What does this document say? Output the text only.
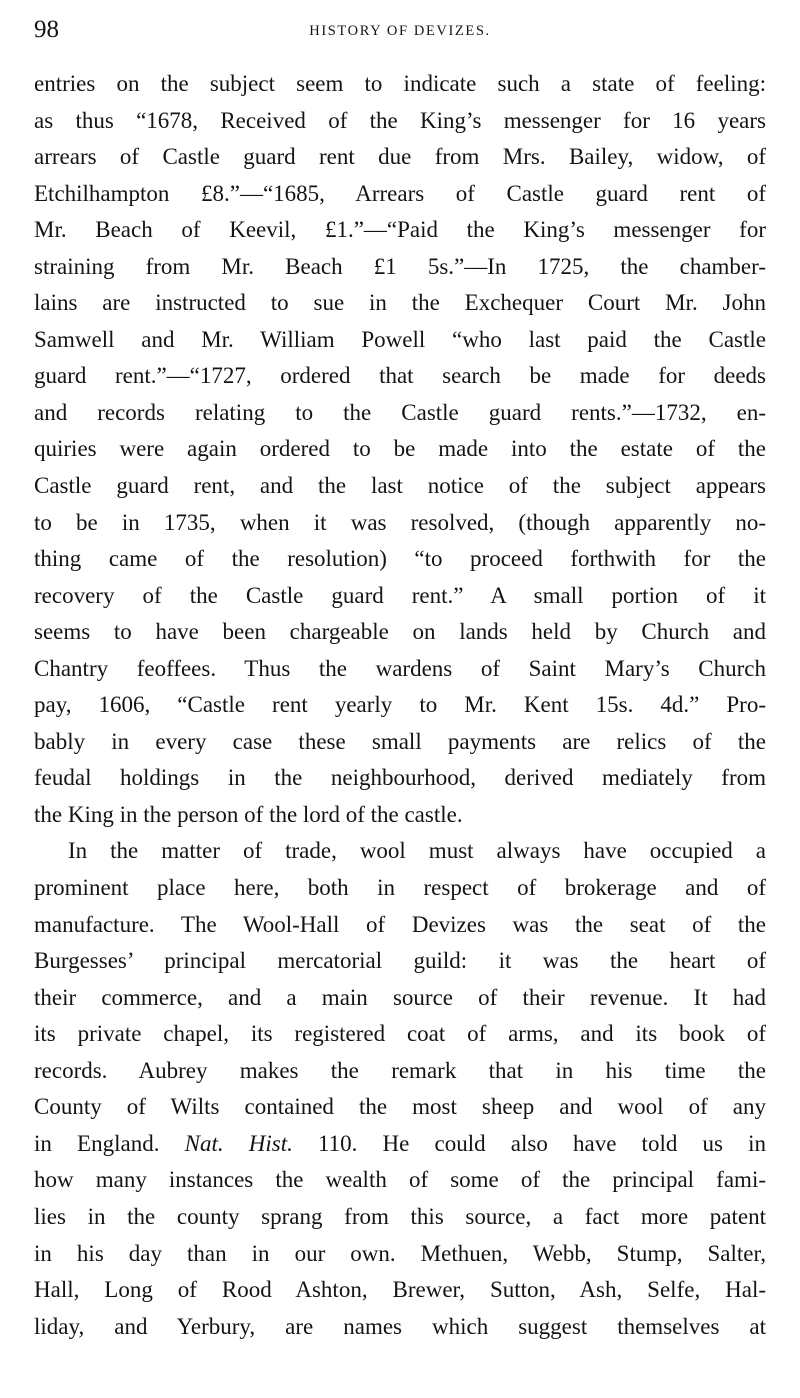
98	HISTORY OF DEVIZES.
entries on the subject seem to indicate such a state of feeling:
as thus “1678, Received of the King’s messenger for 16 years
arrears of Castle guard rent due from Mrs. Bailey, widow, of
Etchilhampton £8.”—“1685, Arrears of Castle guard rent of
Mr. Beach of Keevil, £1.”—“Paid the King’s messenger for
straining from Mr. Beach £1 5s.”—In 1725, the chamber-
lains are instructed to sue in the Exchequer Court Mr. John
Samwell and Mr. William Powell “who last paid the Castle
guard rent.”—“1727, ordered that search be made for deeds
and records relating to the Castle guard rents.”—1732, en-
quiries were again ordered to be made into the estate of the
Castle guard rent, and the last notice of the subject appears
to be in 1735, when it was resolved, (though apparently no-
thing came of the resolution) “to proceed forthwith for the
recovery of the Castle guard rent.” A small portion of it
seems to have been chargeable on lands held by Church and
Chantry feoffees. Thus the wardens of Saint Mary’s Church
pay, 1606, “Castle rent yearly to Mr. Kent 15s. 4d.” Pro-
bably in every case these small payments are relics of the
feudal holdings in the neighbourhood, derived mediately from
the King in the person of the lord of the castle.
In the matter of trade, wool must always have occupied a
prominent place here, both in respect of brokerage and of
manufacture. The Wool-Hall of Devizes was the seat of the
Burgesses’ principal mercatorial guild: it was the heart of
their commerce, and a main source of their revenue. It had
its private chapel, its registered coat of arms, and its book of
records. Aubrey makes the remark that in his time the
County of Wilts contained the most sheep and wool of any
in England. Nat. Hist. 110. He could also have told us in
how many instances the wealth of some of the principal fami-
lies in the county sprang from this source, a fact more patent
in his day than in our own. Methuen, Webb, Stump, Salter,
Hall, Long of Rood Ashton, Brewer, Sutton, Ash, Selfe, Hal-
liday, and Yerbury, are names which suggest themselves at
